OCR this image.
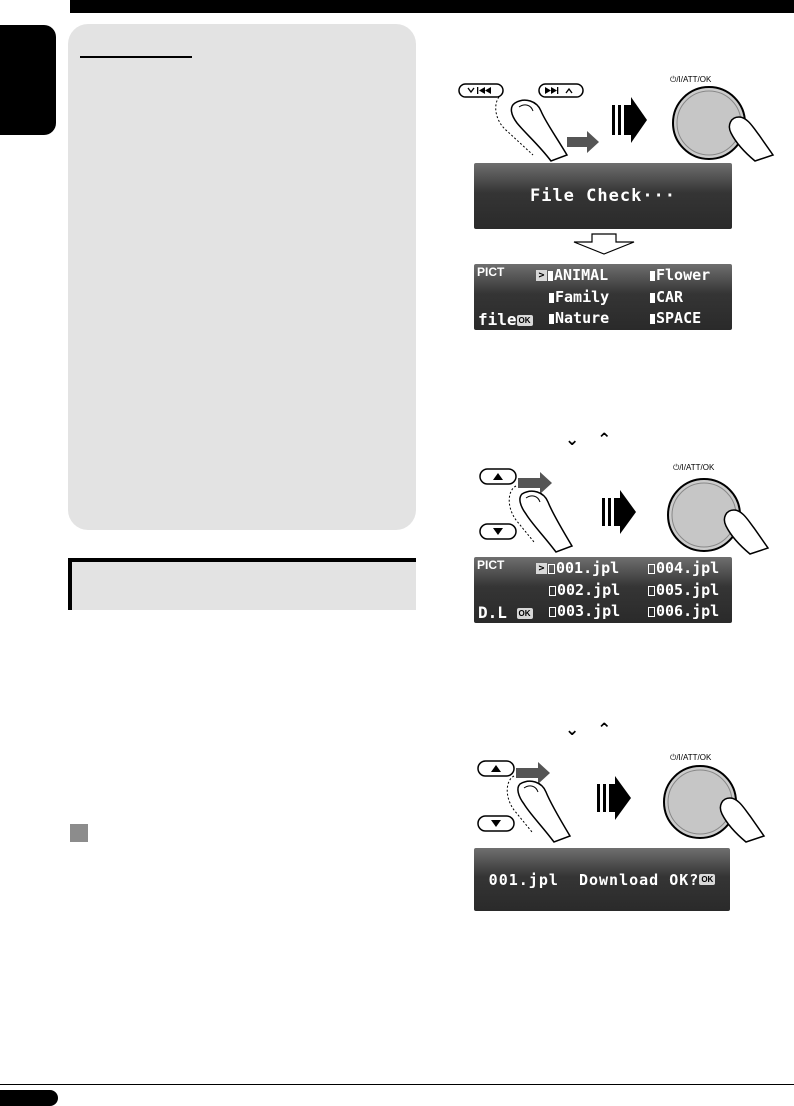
⏻/I/ATT/OK
File Check···
PICT
file OK
> ANIMAL	Flower
Family	CAR
Nature	SPACE
⌄ ⌃
⏻/I/ATT/OK
PICT
D.L OK
> 001.jpl	004.jpl
002.jpl	005.jpl
003.jpl	006.jpl
⌄ ⌃
⏻/I/ATT/OK
001.jpl  Download OK? OK
